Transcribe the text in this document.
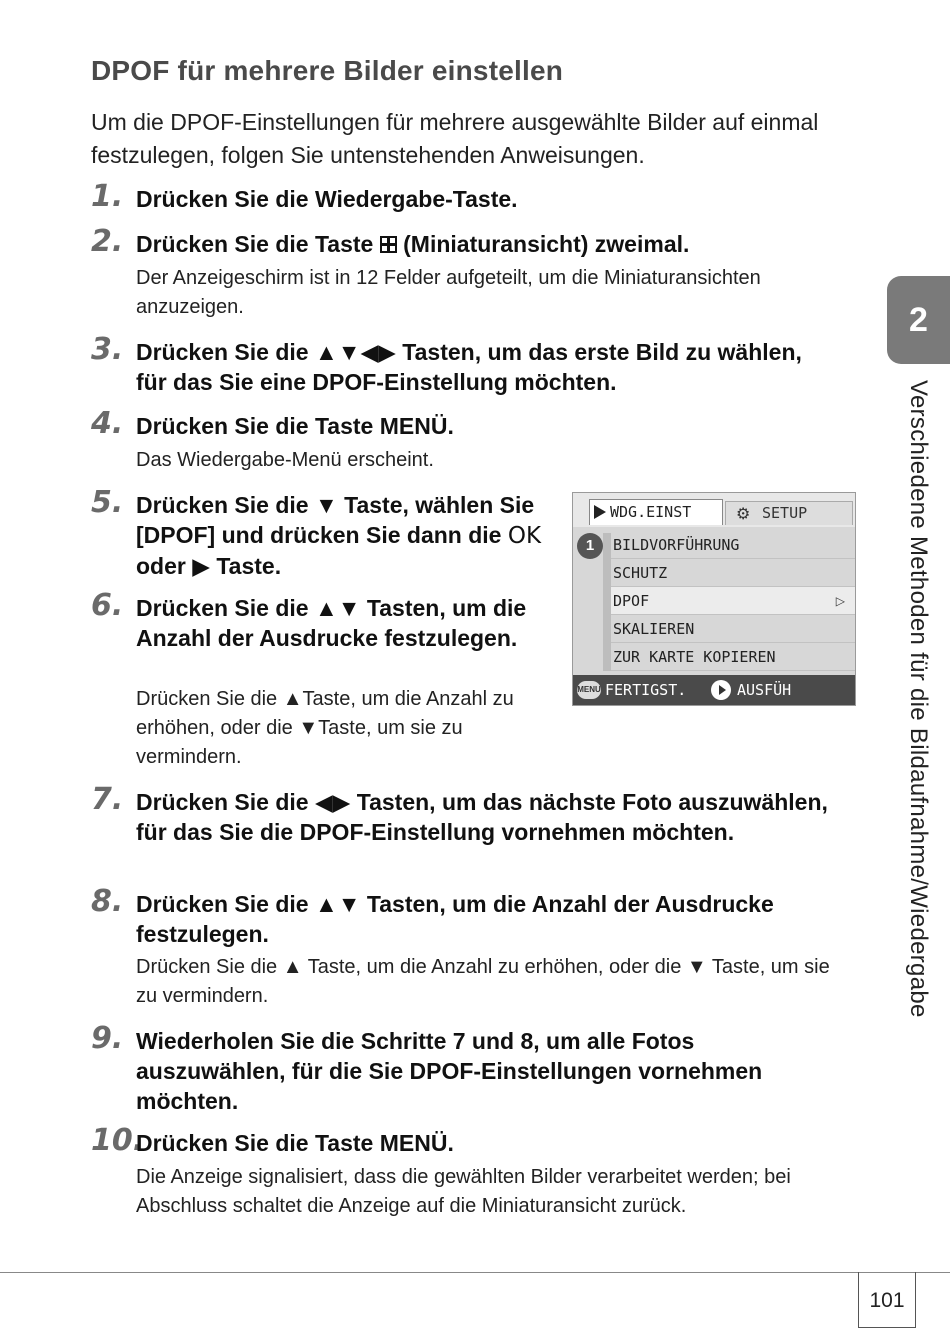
DPOF für mehrere Bilder einstellen

Um die DPOF-Einstellungen für mehrere ausgewählte Bilder auf einmal festzulegen, folgen Sie untenstehenden Anweisungen.

1. Drücken Sie die Wiedergabe-Taste.

2. Drücken Sie die Taste (Miniaturansicht) zweimal.

Der Anzeigeschirm ist in 12 Felder aufgeteilt, um die Miniaturansichten anzuzeigen.

3. Drücken Sie die ▲▼◀▶ Tasten, um das erste Bild zu wählen, für das Sie eine DPOF-Einstellung möchten.

4. Drücken Sie die Taste MENÜ.

Das Wiedergabe-Menü erscheint.

5. Drücken Sie die ▼ Taste, wählen Sie [DPOF] und drücken Sie dann die OK oder ▶ Taste.

6. Drücken Sie die ▲▼ Tasten, um die Anzahl der Ausdrucke festzulegen.

Drücken Sie die ▲Taste, um die Anzahl zu erhöhen, oder die ▼Taste, um sie zu vermindern.

WDG.EINST	⚙ SETUP
1	BILDVORFÜHRUNG
SCHUTZ
DPOF	▷
SKALIEREN
ZUR KARTE KOPIEREN
MENU FERTIGST.	AUSFÜH
7. Drücken Sie die ◀▶ Tasten, um das nächste Foto auszuwählen, für das Sie die DPOF-Einstellung vornehmen möchten.

8. Drücken Sie die ▲▼ Tasten, um die Anzahl der Ausdrucke festzulegen.

Drücken Sie die ▲ Taste, um die Anzahl zu erhöhen, oder die ▼ Taste, um sie zu vermindern.

9. Wiederholen Sie die Schritte 7 und 8, um alle Fotos auszuwählen, für die Sie DPOF-Einstellungen vornehmen möchten.

10.

Drücken Sie die Taste MENÜ.

Die Anzeige signalisiert, dass die gewählten Bilder verarbeitet werden; bei Abschluss schaltet die Anzeige auf die Miniaturansicht zurück.

2
Verschiedene Methoden für die Bildaufnahme/Wiedergabe
101
